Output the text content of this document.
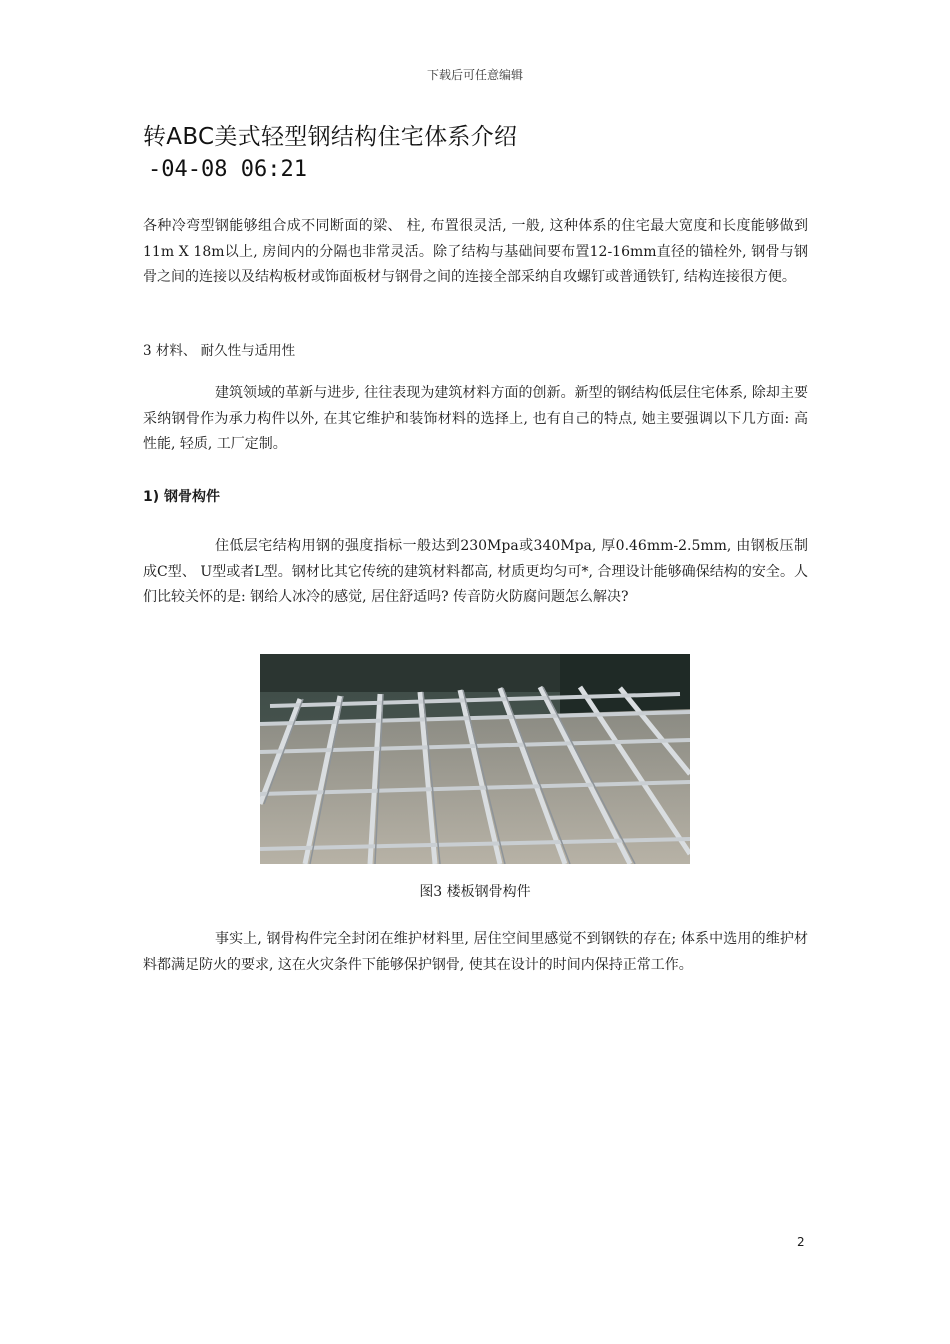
下载后可任意编辑
转ABC美式轻型钢结构住宅体系介绍
-04-08 06:21

各种冷弯型钢能够组合成不同断面的梁、 柱, 布置很灵活, 一般, 这种体系的住宅最大宽度和长度能够做到11m X 18m以上, 房间内的分隔也非常灵活。除了结构与基础间要布置12-16mm直径的锚栓外, 钢骨与钢骨之间的连接以及结构板材或饰面板材与钢骨之间的连接全部采纳自攻螺钉或普通铁钉, 结构连接很方便。

3 材料、 耐久性与适用性

建筑领域的革新与进步, 往往表现为建筑材料方面的创新。新型的钢结构低层住宅体系, 除却主要采纳钢骨作为承力构件以外, 在其它维护和装饰材料的选择上, 也有自己的特点, 她主要强调以下几方面: 高性能, 轻质, 工厂定制。

1) 钢骨构件

住低层宅结构用钢的强度指标一般达到230Mpa或340Mpa, 厚0.46mm-2.5mm, 由钢板压制成C型、 U型或者L型。钢材比其它传统的建筑材料都高, 材质更均匀可*, 合理设计能够确保结构的安全。人们比较关怀的是: 钢给人冰冷的感觉, 居住舒适吗? 传音防火防腐问题怎么解决?

图3 楼板钢骨构件

事实上, 钢骨构件完全封闭在维护材料里, 居住空间里感觉不到钢铁的存在; 体系中选用的维护材料都满足防火的要求, 这在火灾条件下能够保护钢骨, 使其在设计的时间内保持正常工作。

2
